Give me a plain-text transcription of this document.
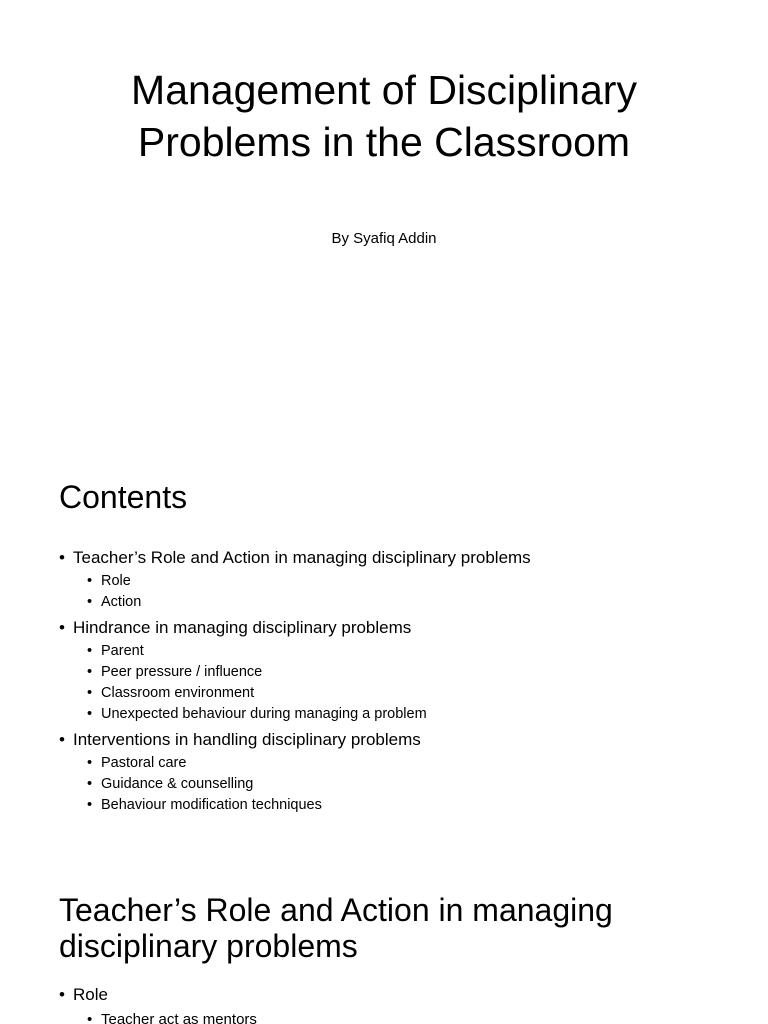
Management of Disciplinary Problems in the Classroom

By Syafiq Addin

Contents
• Teacher’s Role and Action in managing disciplinary problems
• Role
• Action
• Hindrance in managing disciplinary problems
• Parent
• Peer pressure / influence
• Classroom environment
• Unexpected behaviour during managing a problem
• Interventions in handling disciplinary problems
• Pastoral care
• Guidance & counselling
• Behaviour modification techniques
Teacher’s Role and Action in managing disciplinary problems
• Role
• Teacher act as mentors
